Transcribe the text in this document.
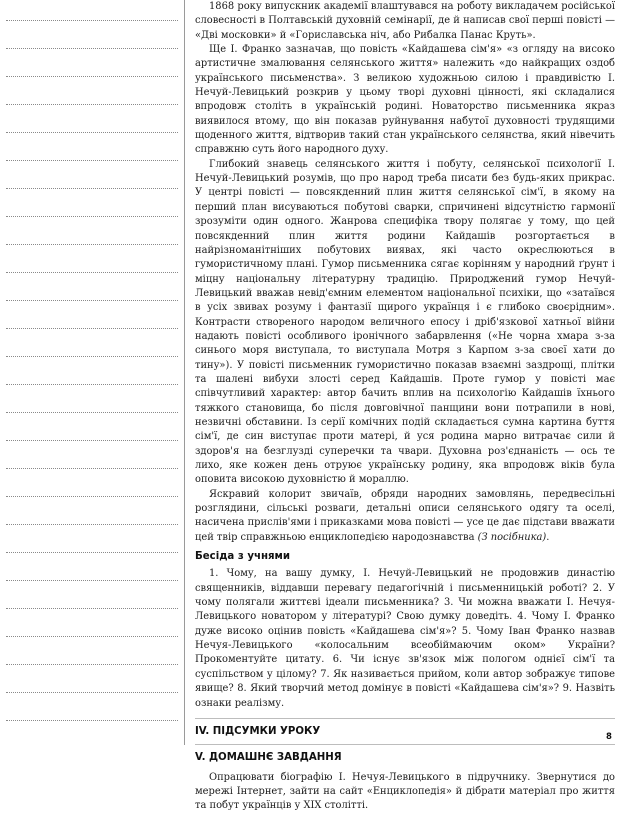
1868 року випускник академії влаштувався на роботу викладачем російської словесності в Полтавській духовній семінарії, де й написав свої перші повісті — «Дві московки» й «Гориславська ніч, або Рибалка Панас Круть».

Ще І. Франко зазначав, що повість «Кайдашева сім'я» «з огляду на високо артистичне змалювання селянського життя» належить «до найкращих оздоб українського письменства». З великою художньою силою і правдивістю І. Нечуй-Левицький розкрив у цьому творі духовні цінності, які складалися впродовж століть в українській родині. Новаторство письменника якраз виявилося втому, що він показав руйнування набутої духовності трудящими щоденного життя, відтворив такий стан українського селянства, який нівечить справжню суть його народного духу.

Глибокий знавець селянського життя і побуту, селянської психології І. Нечуй-Левицький розумів, що про народ треба писати без будь-яких прикрас. У центрі повісті — повсякденний плин життя селянської сім'ї, в якому на перший план висуваються побутові сварки, спричинені відсутністю гармонії зрозуміти один одного. Жанрова специфіка твору полягає у тому, що цей повсякденний плин життя родини Кайдашів розгортається в найрізноманітніших побутових виявах, які часто окреслюються в гумористичному плані. Гумор письменника сягає корінням у народний ґрунт і міцну національну літературну традицію. Природжений гумор Нечуй-Левицький вважав невід'ємним елементом національної психіки, що «затаївся в усіх звивах розуму і фантазії щирого українця і є глибоко своєрідним». Контрасти створеного народом величного епосу і дріб'язкової хатньої війни надають повісті особливого іронічного забарвлення («Не чорна хмара з-за синього моря виступала, то виступала Мотря з Карпом з-за своєї хати до тину»). У повісті письменник гумористично показав взаємні заздрощі, плітки та шалені вибухи злості серед Кайдашів. Проте гумор у повісті має співчутливий характер: автор бачить вплив на психологію Кайдашів їхнього тяжкого становища, бо після довговічної панщини вони потрапили в нові, незвичні обставини. Із серії комічних подій складається сумна картина буття сім'ї, де син виступає проти матері, й уся родина марно витрачає сили й здоров'я на безглузді суперечки та чвари. Духовна роз'єднаність — ось те лихо, яке кожен день отруює українську родину, яка впродовж віків була оповита високою духовністю й мораллю.

Яскравий колорит звичаїв, обряди народних замовлянь, передвесільні розглядини, сільські розваги, детальні описи селянського одягу та оселі, насичена прислів'ями і приказками мова повісті — усе це дає підстави вважати цей твір справжньою енциклопедією народознавства (З посібника).

Бесіда з учнями

1. Чому, на вашу думку, І. Нечуй-Левицький не продовжив династію священників, віддавши перевагу педагогічній і письменницькій роботі? 2. У чому полягали життєві ідеали письменника? 3. Чи можна вважати І. Нечуя-Левицького новатором у літературі? Свою думку доведіть. 4. Чому І. Франко дуже високо оцінив повість «Кайдашева сім'я»? 5. Чому Іван Франко назвав Нечуя-Левицького «колосальним всеобіймаючим оком» України? Прокоментуйте цитату. 6. Чи існує зв'язок між пологом однієї сім'ї та суспільством у цілому? 7. Як називається прийом, коли автор зображує типове явище? 8. Який творчий метод домінує в повісті «Кайдашева сім'я»? 9. Назвіть ознаки реалізму.

IV. ПІДСУМКИ УРОКУ
V. ДОМАШНЄ ЗАВДАННЯ

Опрацювати біографію І. Нечуя-Левицького в підручнику. Звернутися до мережі Інтернет, зайти на сайт «Енциклопедія» й дібрати матеріал про життя та побут українців у XIX столітті.

8
